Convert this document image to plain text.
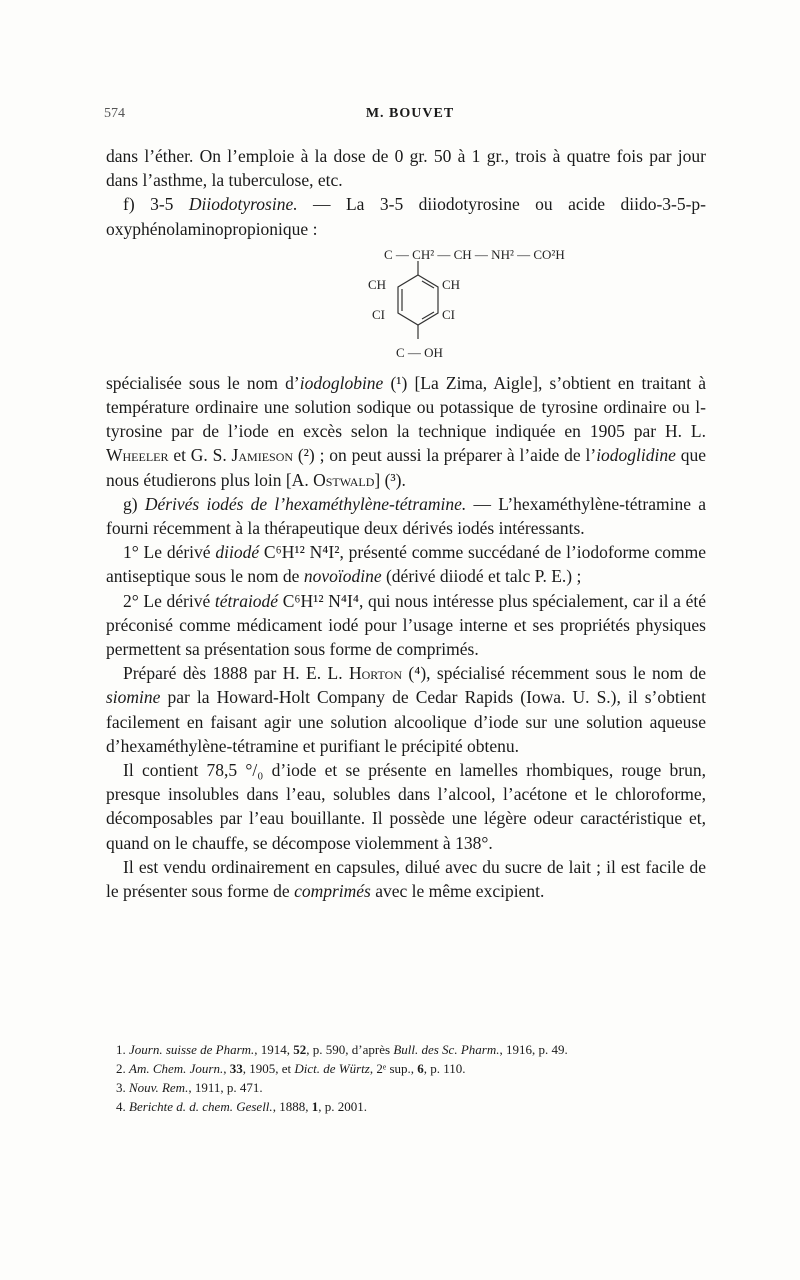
574	M. BOUVET

dans l’éther. On l’emploie à la dose de 0 gr. 50 à 1 gr., trois à quatre fois par jour dans l’asthme, la tuberculose, etc.

f) 3-5 Diiodotyrosine. — La 3-5 diiodotyrosine ou acide diido-3-5-p-oxyphénolaminopropionique :

C — CH² — CH — NH² — CO²H
CH	CH
CI	CI
C — OH

spécialisée sous le nom d’iodoglobine (¹) [La Zima, Aigle], s’obtient en traitant à température ordinaire une solution sodique ou potassique de tyrosine ordinaire ou l-tyrosine par de l’iode en excès selon la technique indiquée en 1905 par H. L. Wheeler et G. S. Jamieson (²) ; on peut aussi la préparer à l’aide de l’iodoglidine que nous étudierons plus loin [A. Ostwald] (³).

g) Dérivés iodés de l’hexaméthylène-tétramine. — L’hexaméthylène-tétramine a fourni récemment à la thérapeutique deux dérivés iodés intéressants.

1° Le dérivé diiodé C⁶H¹² N⁴I², présenté comme succédané de l’iodoforme comme antiseptique sous le nom de novoïodine (dérivé diiodé et talc P. E.) ;

2° Le dérivé tétraiodé C⁶H¹² N⁴I⁴, qui nous intéresse plus spécialement, car il a été préconisé comme médicament iodé pour l’usage interne et ses propriétés physiques permettent sa présentation sous forme de comprimés.

Préparé dès 1888 par H. E. L. Horton (⁴), spécialisé récemment sous le nom de siomine par la Howard-Holt Company de Cedar Rapids (Iowa. U. S.), il s’obtient facilement en faisant agir une solution alcoolique d’iode sur une solution aqueuse d’hexaméthylène-tétramine et purifiant le précipité obtenu.

Il contient 78,5 °/₀ d’iode et se présente en lamelles rhombiques, rouge brun, presque insolubles dans l’eau, solubles dans l’alcool, l’acétone et le chloroforme, décomposables par l’eau bouillante. Il possède une légère odeur caractéristique et, quand on le chauffe, se décompose violemment à 138°.

Il est vendu ordinairement en capsules, dilué avec du sucre de lait ; il est facile de le présenter sous forme de comprimés avec le même excipient.

1. Journ. suisse de Pharm., 1914, 52, p. 590, d’après Bull. des Sc. Pharm., 1916, p. 49.

2. Am. Chem. Journ., 33, 1905, et Dict. de Würtz, 2ᵉ sup., 6, p. 110.

3. Nouv. Rem., 1911, p. 471.

4. Berichte d. d. chem. Gesell., 1888, 1, p. 2001.
